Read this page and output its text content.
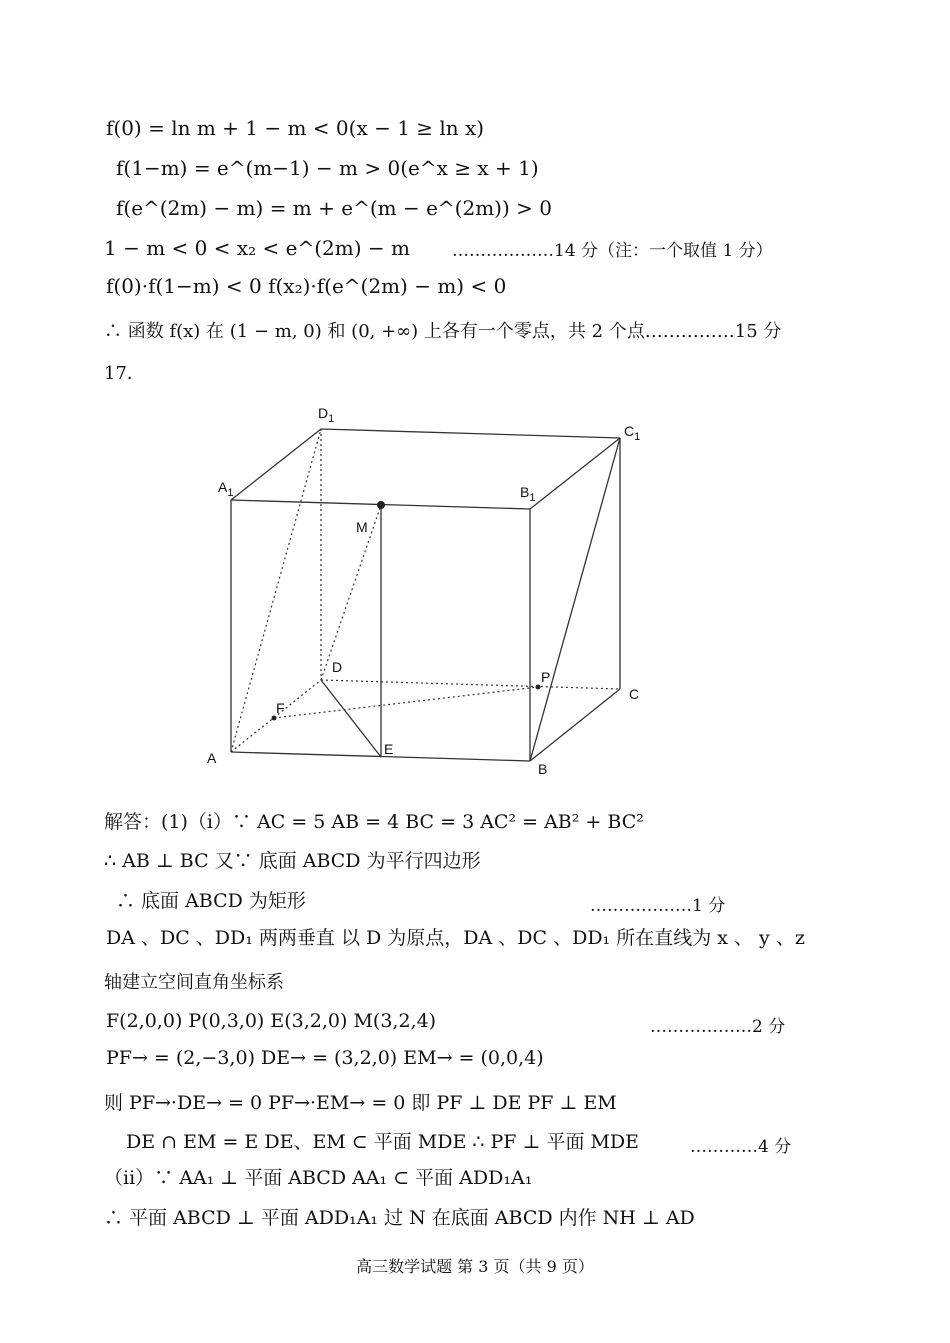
f(0) = ln m + 1 − m < 0(x − 1 ≥ ln x)
f(1−m) = e^(m−1) − m > 0(e^x ≥ x + 1)
f(e^(2m) − m) = m + e^(m − e^(2m)) > 0
1 − m < 0 < x₂ < e^(2m) − m ………………14 分（注：一个取值 1 分）
f(0)·f(1−m) < 0 f(x₂)·f(e^(2m) − m) < 0
∴ 函数 f(x) 在 (1 − m, 0) 和 (0, +∞) 上各有一个零点，共 2 个点……………15 分
17．
$D_1$
$C_1$
$A_1$	$B_1$
M
D
P
C
F
E
A
B
解答：(1)（i）∵ AC = 5 AB = 4 BC = 3 AC² = AB² + BC²
∴ AB ⊥ BC 又∵ 底面 ABCD 为平行四边形
∴ 底面 ABCD 为矩形	………………1 分
DA 、DC 、DD₁ 两两垂直 以 D 为原点，DA 、DC 、DD₁ 所在直线为 x 、 y 、z
轴建立空间直角坐标系
F(2,0,0) P(0,3,0) E(3,2,0) M(3,2,4)	………………2 分
PF→ = (2,−3,0) DE→ = (3,2,0) EM→ = (0,0,4)
则 PF→·DE→ = 0 PF→·EM→ = 0 即 PF ⊥ DE PF ⊥ EM
DE ∩ EM = E DE、EM ⊂ 平面 MDE ∴ PF ⊥ 平面 MDE	…………4 分
（ii）∵ AA₁ ⊥ 平面 ABCD AA₁ ⊂ 平面 ADD₁A₁
∴ 平面 ABCD ⊥ 平面 ADD₁A₁ 过 N 在底面 ABCD 内作 NH ⊥ AD
高三数学试题 第 3 页（共 9 页）
